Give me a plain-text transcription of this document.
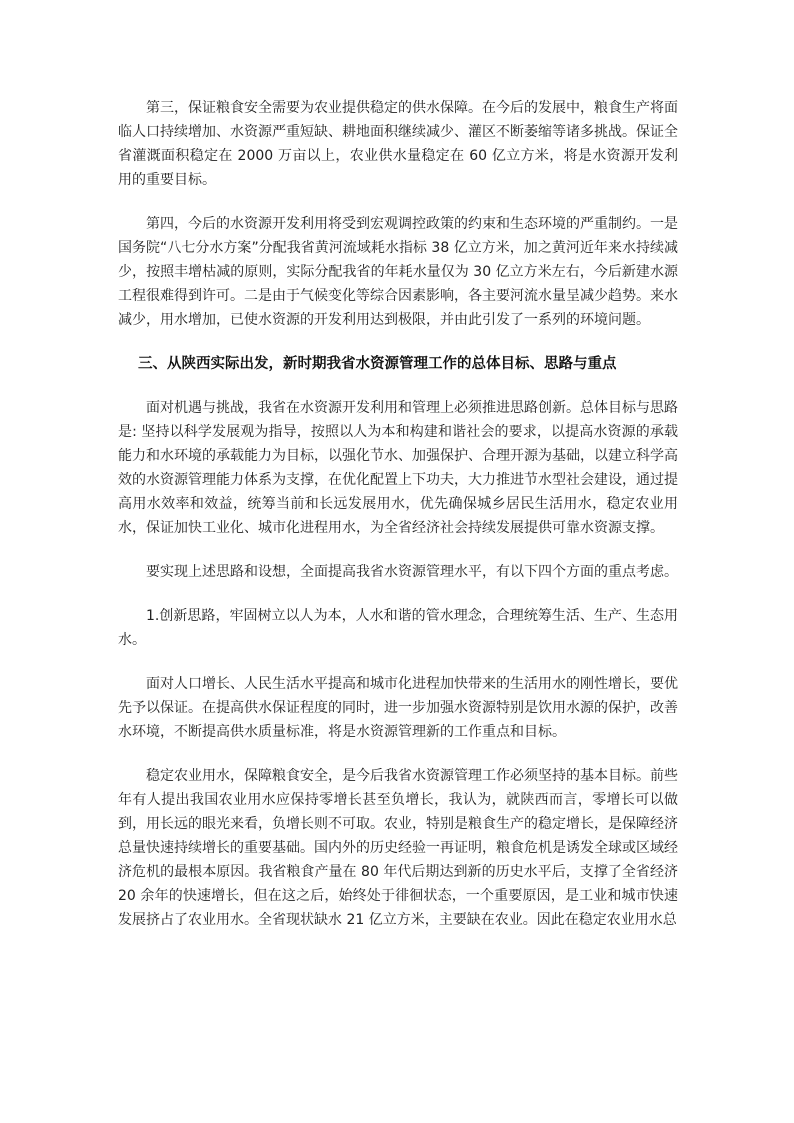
第三，保证粮食安全需要为农业提供稳定的供水保障。在今后的发展中，粮食生产将面临人口持续增加、水资源严重短缺、耕地面积继续减少、灌区不断萎缩等诸多挑战。保证全省灌溉面积稳定在 2000 万亩以上，农业供水量稳定在 60 亿立方米，将是水资源开发利用的重要目标。

第四，今后的水资源开发利用将受到宏观调控政策的约束和生态环境的严重制约。一是国务院“八七分水方案”分配我省黄河流域耗水指标 38 亿立方米，加之黄河近年来水持续减少，按照丰增枯减的原则，实际分配我省的年耗水量仅为 30 亿立方米左右，今后新建水源工程很难得到许可。二是由于气候变化等综合因素影响，各主要河流水量呈减少趋势。来水减少，用水增加，已使水资源的开发利用达到极限，并由此引发了一系列的环境问题。

三、从陕西实际出发，新时期我省水资源管理工作的总体目标、思路与重点

面对机遇与挑战，我省在水资源开发利用和管理上必须推进思路创新。总体目标与思路是: 坚持以科学发展观为指导，按照以人为本和构建和谐社会的要求，以提高水资源的承载能力和水环境的承载能力为目标，以强化节水、加强保护、合理开源为基础，以建立科学高效的水资源管理能力体系为支撑，在优化配置上下功夫，大力推进节水型社会建设，通过提高用水效率和效益，统筹当前和长远发展用水，优先确保城乡居民生活用水，稳定农业用水，保证加快工业化、城市化进程用水，为全省经济社会持续发展提供可靠水资源支撑。

要实现上述思路和设想，全面提高我省水资源管理水平，有以下四个方面的重点考虑。

1.创新思路，牢固树立以人为本，人水和谐的管水理念，合理统筹生活、生产、生态用水。

面对人口增长、人民生活水平提高和城市化进程加快带来的生活用水的刚性增长，要优先予以保证。在提高供水保证程度的同时，进一步加强水资源特别是饮用水源的保护，改善水环境，不断提高供水质量标准，将是水资源管理新的工作重点和目标。

稳定农业用水，保障粮食安全，是今后我省水资源管理工作必须坚持的基本目标。前些年有人提出我国农业用水应保持零增长甚至负增长，我认为，就陕西而言，零增长可以做到，用长远的眼光来看，负增长则不可取。农业，特别是粮食生产的稳定增长，是保障经济总量快速持续增长的重要基础。国内外的历史经验一再证明，粮食危机是诱发全球或区域经济危机的最根本原因。我省粮食产量在 80 年代后期达到新的历史水平后，支撑了全省经济 20 余年的快速增长，但在这之后，始终处于徘徊状态，一个重要原因，是工业和城市快速发展挤占了农业用水。全省现状缺水 21 亿立方米，主要缺在农业。因此在稳定农业用水总
